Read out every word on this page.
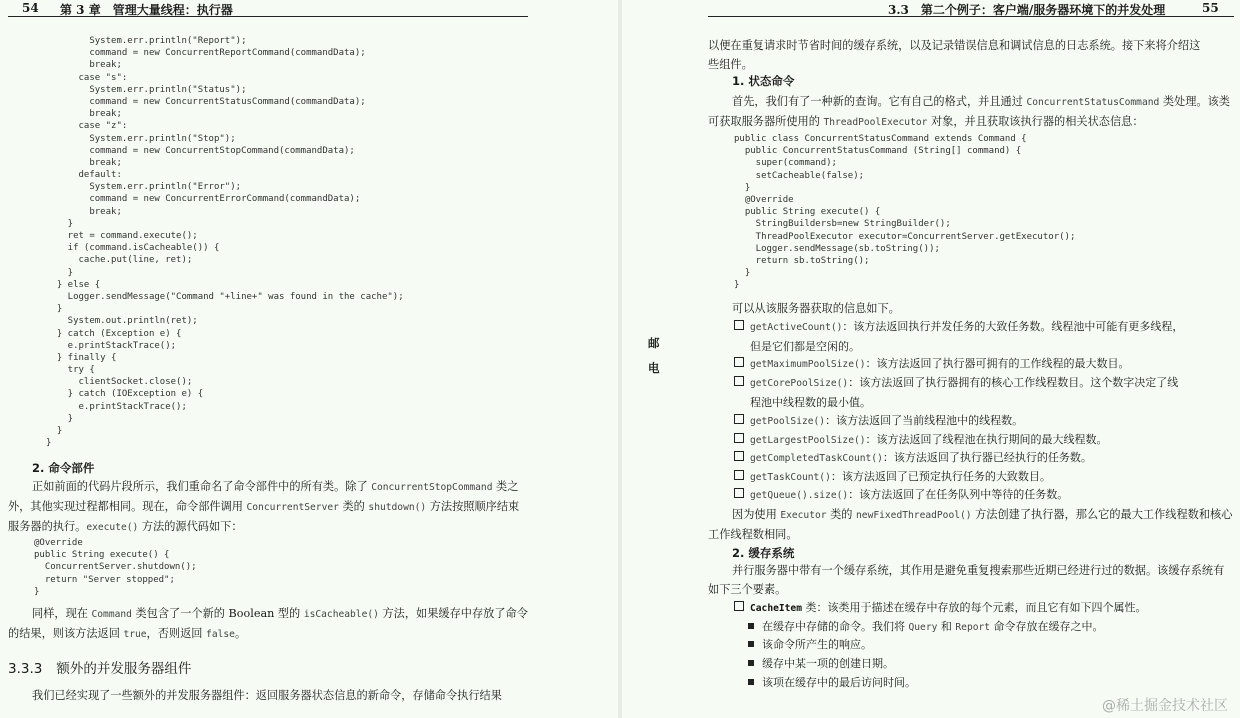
54 第 3 章　管理大量线程：执行器
System.err.println("Report");
command = new ConcurrentReportCommand(commandData);
break;
case "s":
System.err.println("Status");
command = new ConcurrentStatusCommand(commandData);
break;
case "z":
System.err.println("Stop");
command = new ConcurrentStopCommand(commandData);
break;
default:
System.err.println("Error");
command = new ConcurrentErrorCommand(commandData);
break;
}
ret = command.execute();
if (command.isCacheable()) {
cache.put(line, ret);
}
} else {
Logger.sendMessage("Command "+line+" was found in the cache");
}
System.out.println(ret);
} catch (Exception e) {
e.printStackTrace();
} finally {
try {
clientSocket.close();
} catch (IOException e) {
e.printStackTrace();
}
}
}
2. 命令部件
正如前面的代码片段所示，我们重命名了命令部件中的所有类。除了 ConcurrentStopCommand 类之外，其他实现过程都相同。现在，命令部件调用 ConcurrentServer 类的 shutdown() 方法按照顺序结束服务器的执行。execute() 方法的源代码如下：
@Override
public String execute() {
ConcurrentServer.shutdown();
return "Server stopped";
}
同样，现在 Command 类包含了一个新的 Boolean 型的 isCacheable() 方法，如果缓存中存放了命令的结果，则该方法返回 true，否则返回 false。
3.3.3 额外的并发服务器组件
我们已经实现了一些额外的并发服务器组件：返回服务器状态信息的新命令，存储命令执行结果
3.3　第二个例子：客户端/服务器环境下的并发处理	55
以便在重复请求时节省时间的缓存系统，以及记录错误信息和调试信息的日志系统。接下来将介绍这
些组件。
1. 状态命令
首先，我们有了一种新的查询。它有自己的格式，并且通过 ConcurrentStatusCommand 类处理。该类可获取服务器所使用的 ThreadPoolExecutor 对象，并且获取该执行器的相关状态信息：
public class ConcurrentStatusCommand extends Command {
public ConcurrentStatusCommand (String[] command) {
super(command);
setCacheable(false);
}
@Override
public String execute() {
StringBuildersb=new StringBuilder();
ThreadPoolExecutor executor=ConcurrentServer.getExecutor();
Logger.sendMessage(sb.toString());
return sb.toString();
}
}
可以从该服务器获取的信息如下。
getActiveCount()：该方法返回执行并发任务的大致任务数。线程池中可能有更多线程，
但是它们都是空闲的。
getMaximumPoolSize()：该方法返回了执行器可拥有的工作线程的最大数目。
getCorePoolSize()：该方法返回了执行器拥有的核心工作线程数目。这个数字决定了线
程池中线程数的最小值。
getPoolSize()：该方法返回了当前线程池中的线程数。
getLargestPoolSize()：该方法返回了线程池在执行期间的最大线程数。
getCompletedTaskCount()：该方法返回了执行器已经执行的任务数。
getTaskCount()：该方法返回了已预定执行任务的大致数目。
getQueue().size()：该方法返回了在任务队列中等待的任务数。
因为使用 Executor 类的 newFixedThreadPool() 方法创建了执行器，那么它的最大工作线程数和核心工作线程数相同。
2. 缓存系统
并行服务器中带有一个缓存系统，其作用是避免重复搜索那些近期已经进行过的数据。该缓存系统有如下三个要素。
CacheItem 类：该类用于描述在缓存中存放的每个元素，而且它有如下四个属性。
在缓存中存储的命令。我们将 Query 和 Report 命令存放在缓存之中。
该命令所产生的响应。
缓存中某一项的创建日期。
该项在缓存中的最后访问时间。
邮
电
@稀土掘金技术社区
